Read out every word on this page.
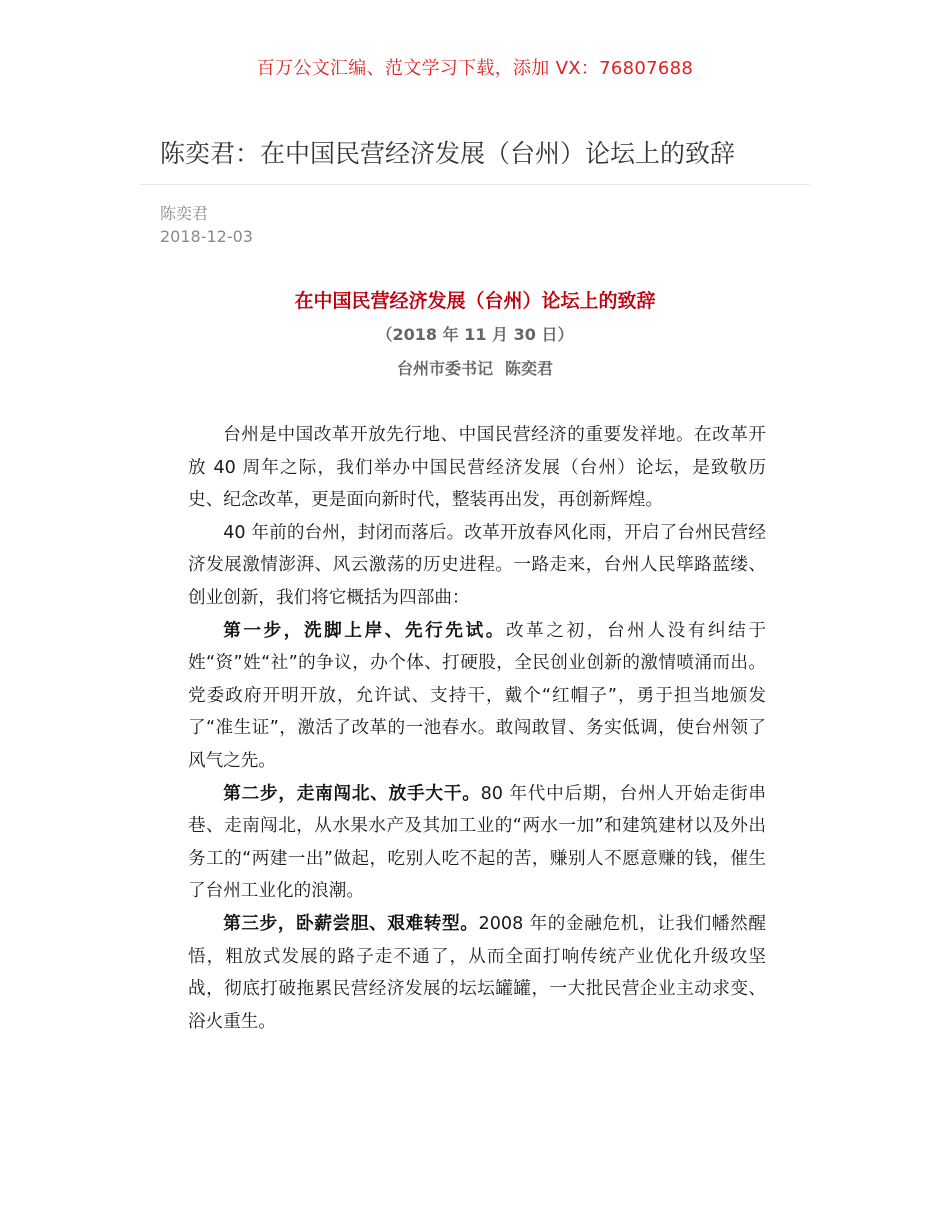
百万公文汇编、范文学习下载，添加 VX：76807688
陈奕君：在中国民营经济发展（台州）论坛上的致辞
陈奕君
2018-12-03
在中国民营经济发展（台州）论坛上的致辞
（2018 年 11 月 30 日）
台州市委书记 陈奕君

台州是中国改革开放先行地、中国民营经济的重要发祥地。在改革开放 40 周年之际，我们举办中国民营经济发展（台州）论坛，是致敬历史、纪念改革，更是面向新时代，整装再出发，再创新辉煌。

40 年前的台州，封闭而落后。改革开放春风化雨，开启了台州民营经济发展激情澎湃、风云激荡的历史进程。一路走来，台州人民筚路蓝缕、创业创新，我们将它概括为四部曲：

第一步，洗脚上岸、先行先试。改革之初，台州人没有纠结于姓“资”姓“社”的争议，办个体、打硬股，全民创业创新的激情喷涌而出。党委政府开明开放，允许试、支持干，戴个“红帽子”，勇于担当地颁发了“准生证”，激活了改革的一池春水。敢闯敢冒、务实低调，使台州领了风气之先。

第二步，走南闯北、放手大干。80 年代中后期，台州人开始走街串巷、走南闯北，从水果水产及其加工业的“两水一加”和建筑建材以及外出务工的“两建一出”做起，吃别人吃不起的苦，赚别人不愿意赚的钱，催生了台州工业化的浪潮。

第三步，卧薪尝胆、艰难转型。2008 年的金融危机，让我们幡然醒悟，粗放式发展的路子走不通了，从而全面打响传统产业优化升级攻坚战，彻底打破拖累民营经济发展的坛坛罐罐，一大批民营企业主动求变、浴火重生。
